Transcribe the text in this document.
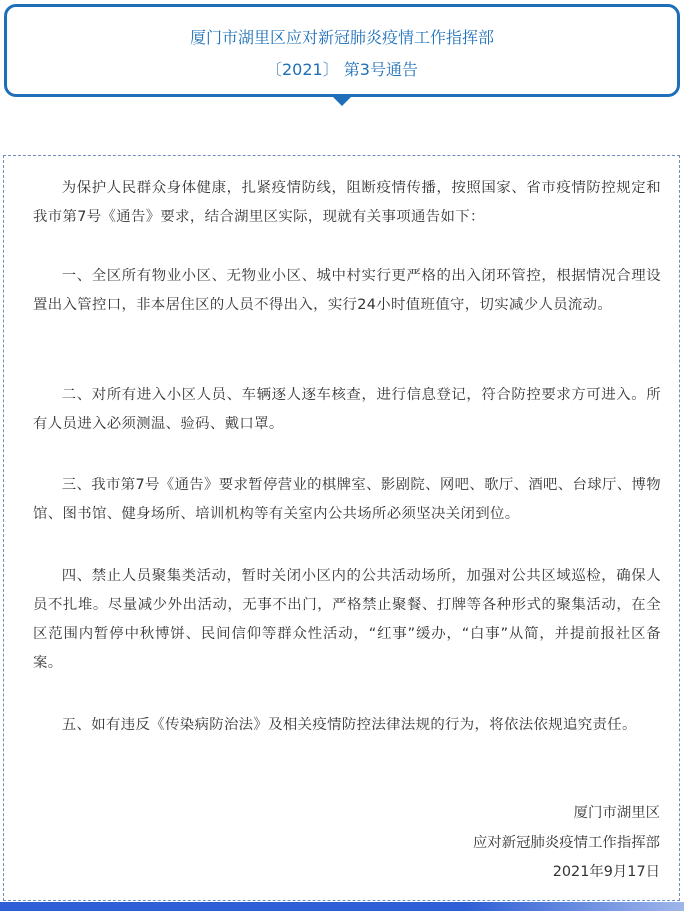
厦门市湖里区应对新冠肺炎疫情工作指挥部
〔2021〕 第3号通告

为保护人民群众身体健康，扎紧疫情防线，阻断疫情传播，按照国家、省市疫情防控规定和我市第7号《通告》要求，结合湖里区实际，现就有关事项通告如下：

一、全区所有物业小区、无物业小区、城中村实行更严格的出入闭环管控，根据情况合理设置出入管控口，非本居住区的人员不得出入，实行24小时值班值守，切实减少人员流动。

二、对所有进入小区人员、车辆逐人逐车核查，进行信息登记，符合防控要求方可进入。所有人员进入必须测温、验码、戴口罩。

三、我市第7号《通告》要求暂停营业的棋牌室、影剧院、网吧、歌厅、酒吧、台球厅、博物馆、图书馆、健身场所、培训机构等有关室内公共场所必须坚决关闭到位。

四、禁止人员聚集类活动，暂时关闭小区内的公共活动场所，加强对公共区域巡检，确保人员不扎堆。尽量减少外出活动，无事不出门，严格禁止聚餐、打牌等各种形式的聚集活动，在全区范围内暂停中秋博饼、民间信仰等群众性活动，“红事”缓办，“白事”从简，并提前报社区备案。

五、如有违反《传染病防治法》及相关疫情防控法律法规的行为，将依法依规追究责任。

厦门市湖里区
应对新冠肺炎疫情工作指挥部
2021年9月17日
